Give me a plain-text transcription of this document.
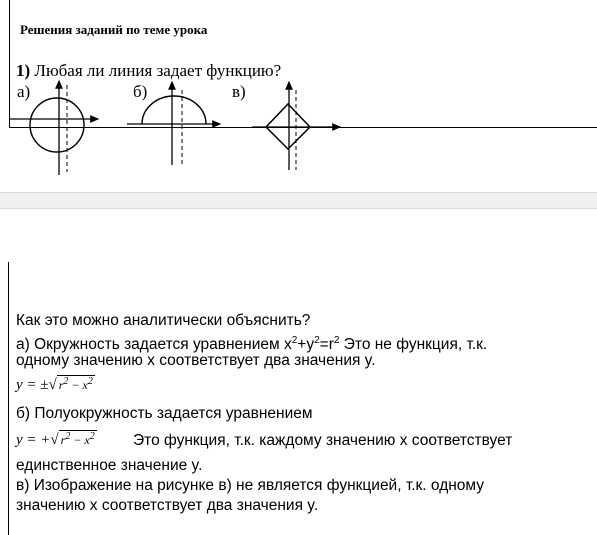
Решения заданий по теме урока
1) Любая ли линия задает функцию?
а)	б)	в)
Как это можно аналитически объяснить?
а) Окружность задается уравнением $x^2+y^2=r^2$ Это не функция, т.к.
одному значению x соответствует два значения y.
y = ±√ $r^2 - x^2$
б) Полуокружность задается уравнением
y = +√ $r^2 - x^2$ Это функция, т.к. каждому значению x соответствует
единственное значение y.
в) Изображение на рисунке в) не является функцией, т.к. одному
значению x соответствует два значения y.
